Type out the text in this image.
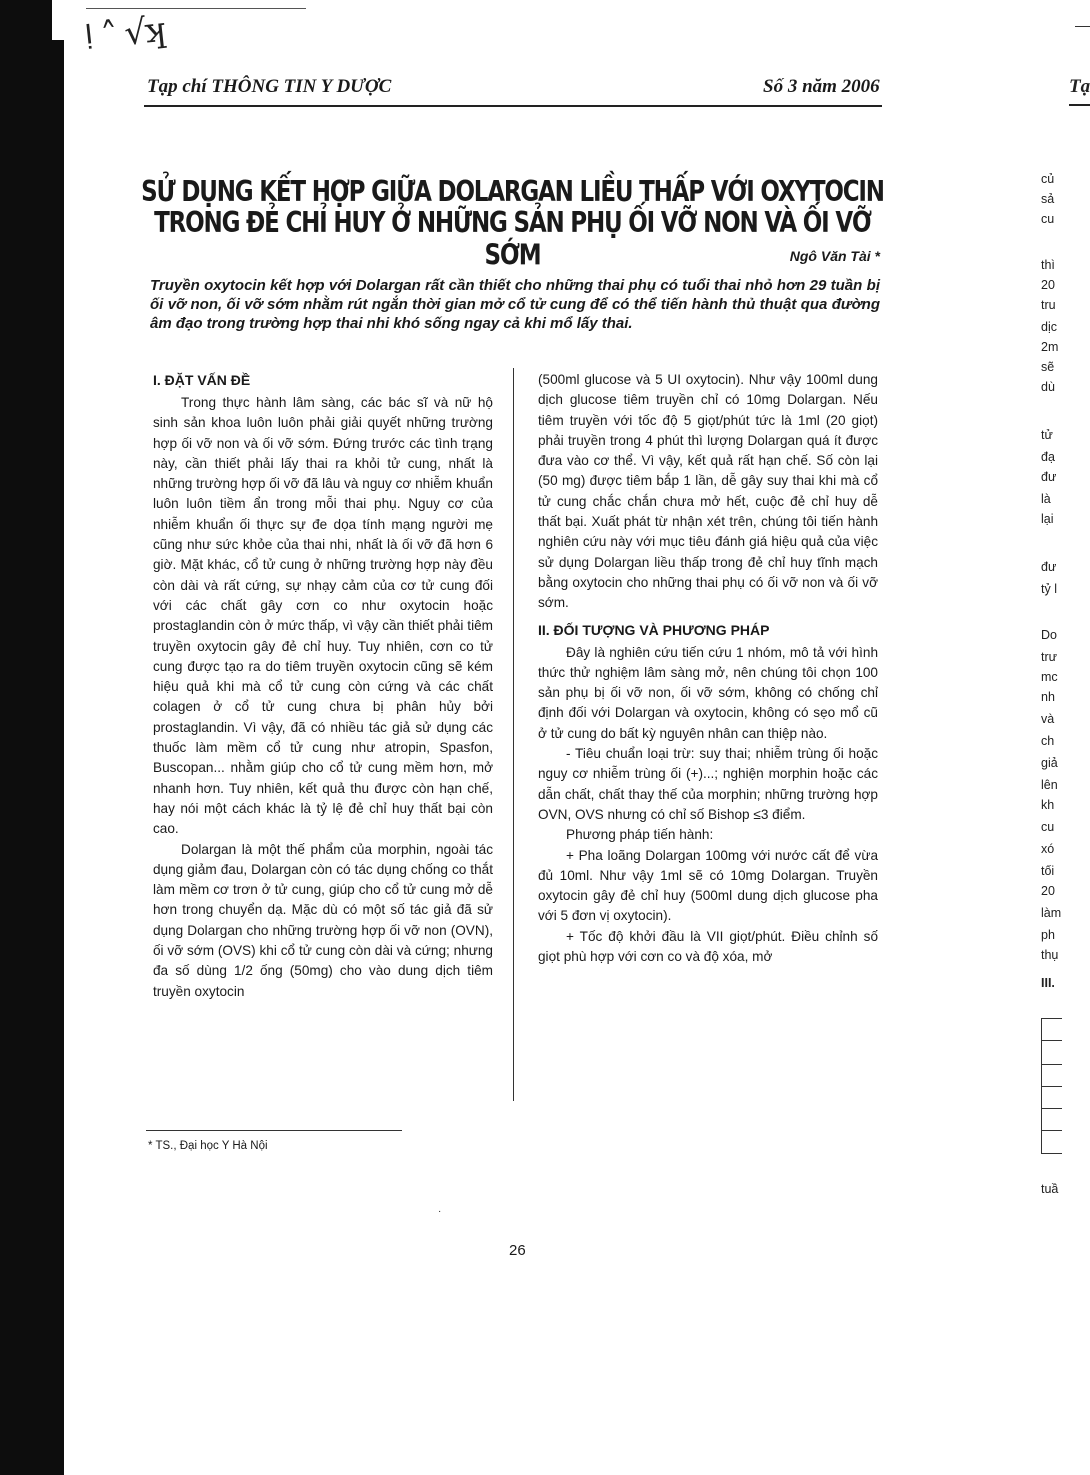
ǃ ˄ √ʞ
Tạp chí THÔNG TIN Y DƯỢC	Số 3 năm 2006
SỬ DỤNG KẾT HỢP GIỮA DOLARGAN LIỀU THẤP VỚI OXYTOCIN
TRONG ĐẺ CHỈ HUY Ở NHỮNG SẢN PHỤ ỐI VỠ NON VÀ ỐI VỠ SỚM	Ngô Văn Tài *

Truyền oxytocin kết hợp với Dolargan rất cần thiết cho những thai phụ có tuổi thai nhỏ hơn 29 tuần bị ối vỡ non, ối vỡ sớm nhằm rút ngắn thời gian mở cổ tử cung để có thể tiến hành thủ thuật qua đường âm đạo trong trường hợp thai nhi khó sống ngay cả khi mổ lấy thai.

I. ĐẶT VẤN ĐỀ

Trong thực hành lâm sàng, các bác sĩ và nữ hộ sinh sản khoa luôn luôn phải giải quyết những trường hợp ối vỡ non và ối vỡ sớm. Đứng trước các tình trạng này, cần thiết phải lấy thai ra khỏi tử cung, nhất là những trường hợp ối vỡ đã lâu và nguy cơ nhiễm khuẩn luôn luôn tiềm ẩn trong mỗi thai phụ. Nguy cơ của nhiễm khuẩn ối thực sự đe dọa tính mạng người mẹ cũng như sức khỏe của thai nhi, nhất là ối vỡ đã hơn 6 giờ. Mặt khác, cổ tử cung ở những trường hợp này đều còn dài và rất cứng, sự nhạy cảm của cơ tử cung đối với các chất gây cơn co như oxytocin hoặc prostaglandin còn ở mức thấp, vì vậy cần thiết phải tiêm truyền oxytocin gây đẻ chỉ huy. Tuy nhiên, cơn co tử cung được tạo ra do tiêm truyền oxytocin cũng sẽ kém hiệu quả khi mà cổ tử cung còn cứng và các chất colagen ở cổ tử cung chưa bị phân hủy bởi prostaglandin. Vì vậy, đã có nhiều tác giả sử dụng các thuốc làm mềm cổ tử cung như atropin, Spasfon, Buscopan... nhằm giúp cho cổ tử cung mềm hơn, mở nhanh hơn. Tuy nhiên, kết quả thu được còn hạn chế, hay nói một cách khác là tỷ lệ đẻ chỉ huy thất bại còn cao.

Dolargan là một thế phẩm của morphin, ngoài tác dụng giảm đau, Dolargan còn có tác dụng chống co thắt làm mềm cơ trơn ở tử cung, giúp cho cổ tử cung mở dễ hơn trong chuyển dạ. Mặc dù có một số tác giả đã sử dụng Dolargan cho những trường hợp ối vỡ non (OVN), ối vỡ sớm (OVS) khi cổ tử cung còn dài và cứng; nhưng đa số dùng 1/2 ống (50mg) cho vào dung dịch tiêm truyền oxytocin

(500ml glucose và 5 UI oxytocin). Như vậy 100ml dung dịch glucose tiêm truyền chỉ có 10mg Dolargan. Nếu tiêm truyền với tốc độ 5 giọt/phút tức là 1ml (20 giọt) phải truyền trong 4 phút thì lượng Dolargan quá ít được đưa vào cơ thể. Vì vậy, kết quả rất hạn chế. Số còn lại (50 mg) được tiêm bắp 1 lần, dễ gây suy thai khi mà cổ tử cung chắc chắn chưa mở hết, cuộc đẻ chỉ huy dễ thất bại. Xuất phát từ nhận xét trên, chúng tôi tiến hành nghiên cứu này với mục tiêu đánh giá hiệu quả của việc sử dụng Dolargan liều thấp trong đẻ chỉ huy tĩnh mạch bằng oxytocin cho những thai phụ có ối vỡ non và ối vỡ sớm.

II. ĐỐI TƯỢNG VÀ PHƯƠNG PHÁP

Đây là nghiên cứu tiến cứu 1 nhóm, mô tả với hình thức thử nghiệm lâm sàng mở, nên chúng tôi chọn 100 sản phụ bị ối vỡ non, ối vỡ sớm, không có chống chỉ định đối với Dolargan và oxytocin, không có sẹo mổ cũ ở tử cung do bất kỳ nguyên nhân can thiệp nào.

- Tiêu chuẩn loại trừ: suy thai; nhiễm trùng ối hoặc nguy cơ nhiễm trùng ối (+)...; nghiện morphin hoặc các dẫn chất, chất thay thế của morphin; những trường hợp OVN, OVS nhưng có chỉ số Bishop ≤3 điểm.

Phương pháp tiến hành:

+ Pha loãng Dolargan 100mg với nước cất để vừa đủ 10ml. Như vậy 1ml sẽ có 10mg Dolargan. Truyền oxytocin gây đẻ chỉ huy (500ml dung dịch glucose pha với 5 đơn vị oxytocin).

+ Tốc độ khởi đầu là VII giọt/phút. Điều chỉnh số giọt phù hợp với cơn co và độ xóa, mở

* TS., Đại học Y Hà Nội
·
26
Tạ
củ
sả
cu
thì
20
tru
dịc
2m
sẽ
dù
tử
đạ
đư
là
lại
đư
tỷ l
Do
trư
mc
nh
và
ch
giả
lên
kh
cu
xó
tối
20
làm
ph
thụ
III.
tuầ
